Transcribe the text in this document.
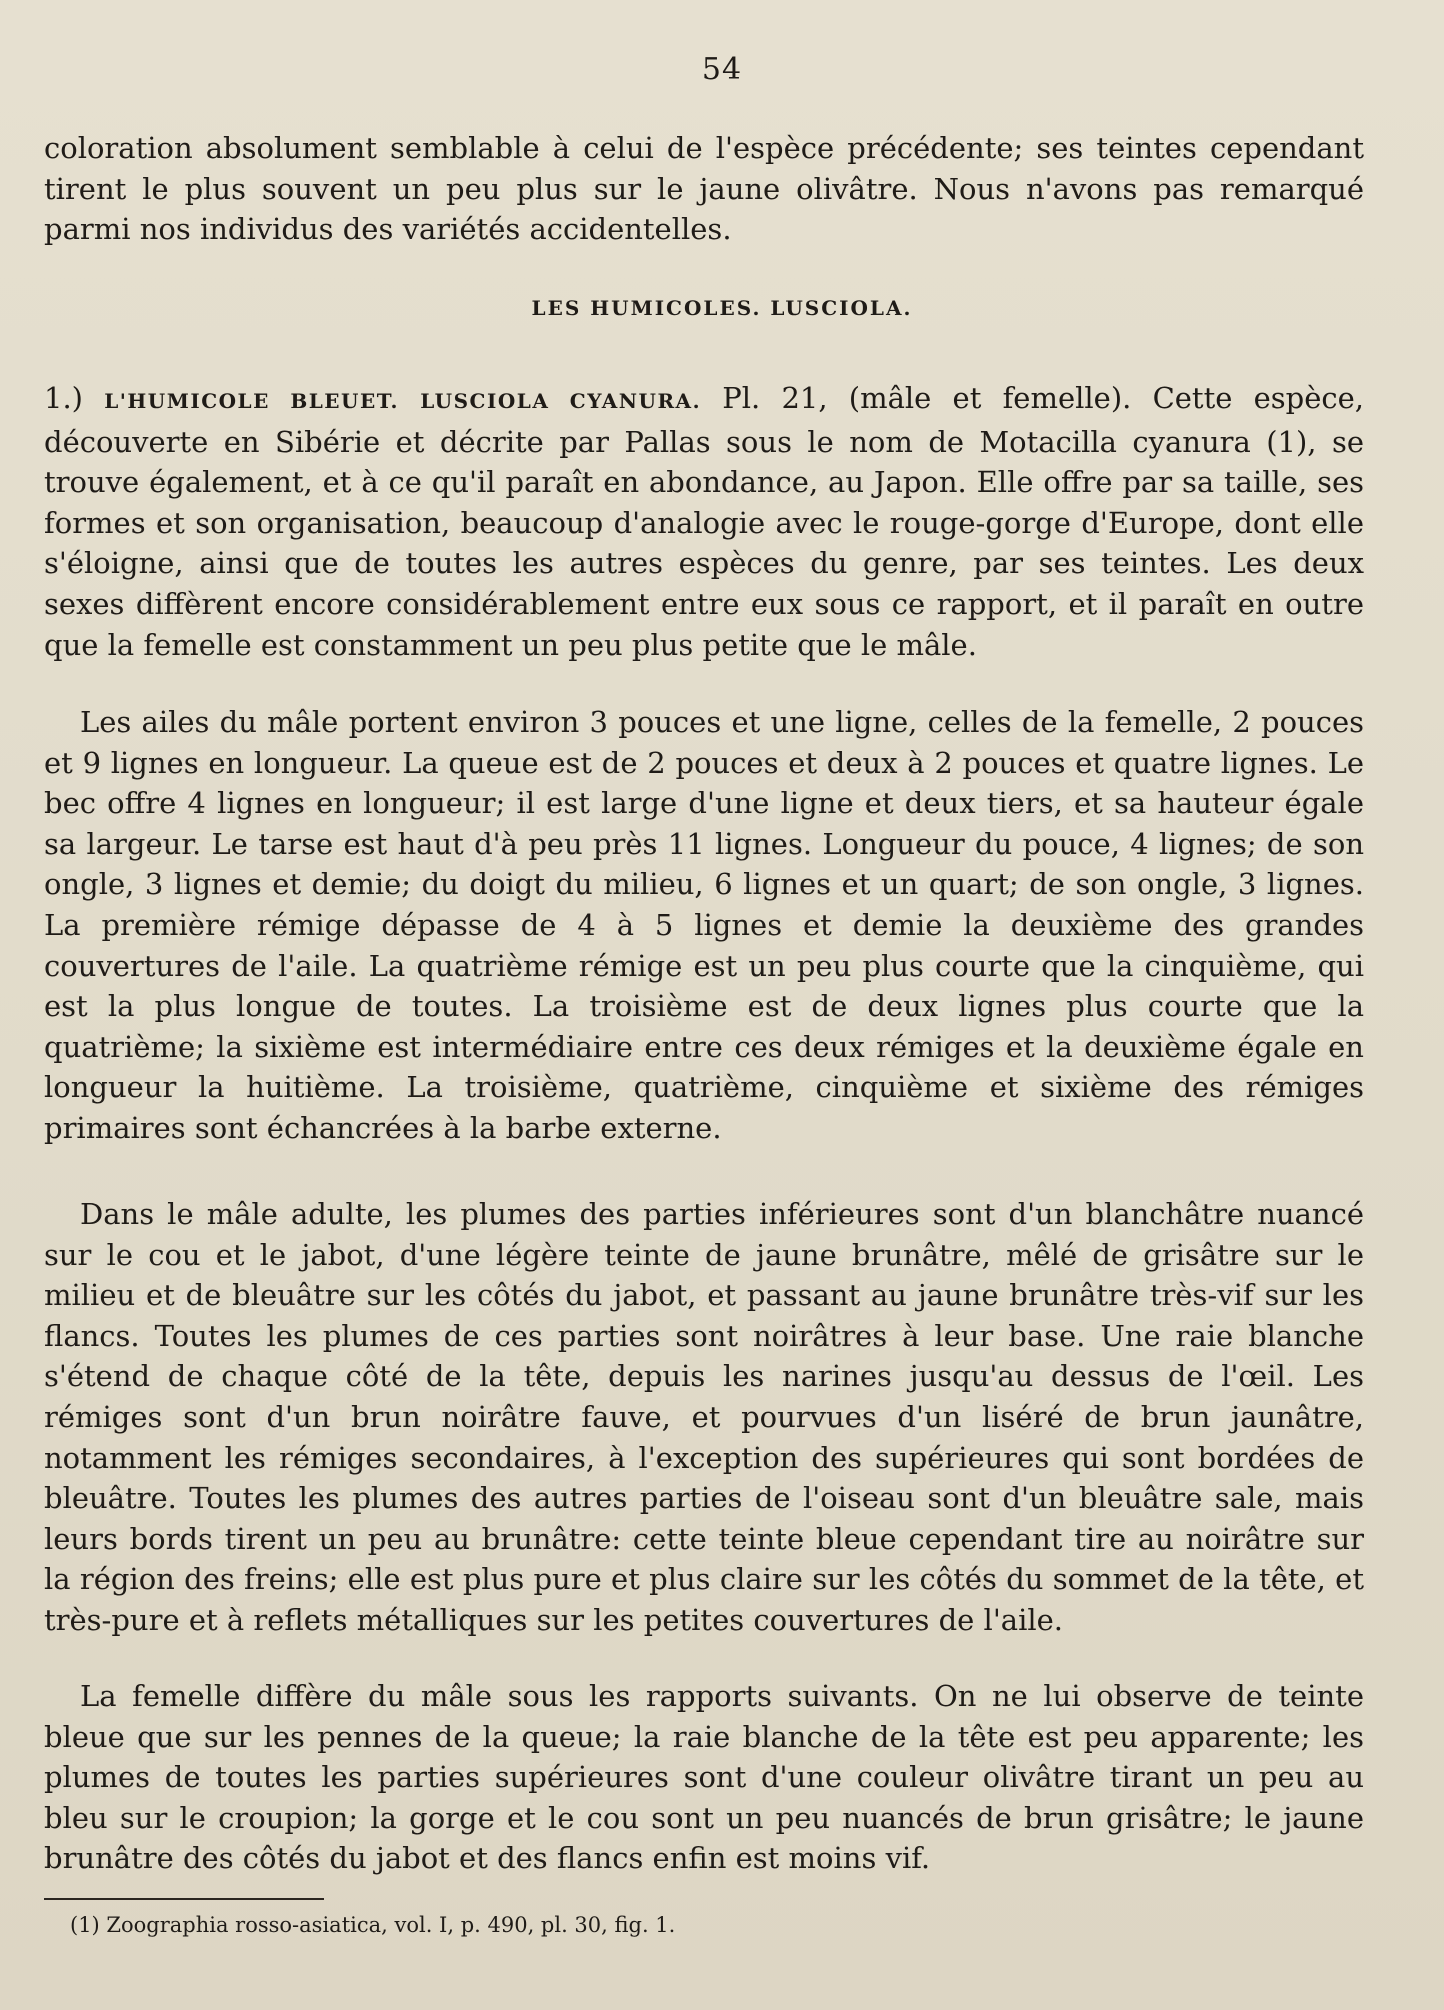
54

coloration absolument semblable à celui de l'espèce précédente; ses teintes cependant tirent le plus souvent un peu plus sur le jaune olivâtre. Nous n'avons pas remarqué parmi nos individus des variétés accidentelles.

LES HUMICOLES. LUSCIOLA.

1.) L'HUMICOLE BLEUET. LUSCIOLA CYANURA. Pl. 21, (mâle et femelle). Cette espèce, découverte en Sibérie et décrite par Pallas sous le nom de Motacilla cyanura (1), se trouve également, et à ce qu'il paraît en abondance, au Japon. Elle offre par sa taille, ses formes et son organisation, beaucoup d'analogie avec le rouge-gorge d'Europe, dont elle s'éloigne, ainsi que de toutes les autres espèces du genre, par ses teintes. Les deux sexes diffèrent encore considérablement entre eux sous ce rapport, et il paraît en outre que la femelle est constamment un peu plus petite que le mâle.

Les ailes du mâle portent environ 3 pouces et une ligne, celles de la femelle, 2 pouces et 9 lignes en longueur. La queue est de 2 pouces et deux à 2 pouces et quatre lignes. Le bec offre 4 lignes en longueur; il est large d'une ligne et deux tiers, et sa hauteur égale sa largeur. Le tarse est haut d'à peu près 11 lignes. Longueur du pouce, 4 lignes; de son ongle, 3 lignes et demie; du doigt du milieu, 6 lignes et un quart; de son ongle, 3 lignes. La première rémige dépasse de 4 à 5 lignes et demie la deuxième des grandes couvertures de l'aile. La quatrième rémige est un peu plus courte que la cinquième, qui est la plus longue de toutes. La troisième est de deux lignes plus courte que la quatrième; la sixième est intermédiaire entre ces deux rémiges et la deuxième égale en longueur la huitième. La troisième, quatrième, cinquième et sixième des rémiges primaires sont échancrées à la barbe externe.

Dans le mâle adulte, les plumes des parties inférieures sont d'un blanchâtre nuancé sur le cou et le jabot, d'une légère teinte de jaune brunâtre, mêlé de grisâtre sur le milieu et de bleuâtre sur les côtés du jabot, et passant au jaune brunâtre très-vif sur les flancs. Toutes les plumes de ces parties sont noirâtres à leur base. Une raie blanche s'étend de chaque côté de la tête, depuis les narines jusqu'au dessus de l'œil. Les rémiges sont d'un brun noirâtre fauve, et pourvues d'un liséré de brun jaunâtre, notamment les rémiges secondaires, à l'exception des supérieures qui sont bordées de bleuâtre. Toutes les plumes des autres parties de l'oiseau sont d'un bleuâtre sale, mais leurs bords tirent un peu au brunâtre: cette teinte bleue cependant tire au noirâtre sur la région des freins; elle est plus pure et plus claire sur les côtés du sommet de la tête, et très-pure et à reflets métalliques sur les petites couvertures de l'aile.

La femelle diffère du mâle sous les rapports suivants. On ne lui observe de teinte bleue que sur les pennes de la queue; la raie blanche de la tête est peu apparente; les plumes de toutes les parties supérieures sont d'une couleur olivâtre tirant un peu au bleu sur le croupion; la gorge et le cou sont un peu nuancés de brun grisâtre; le jaune brunâtre des côtés du jabot et des flancs enfin est moins vif.

(1) Zoographia rosso-asiatica, vol. I, p. 490, pl. 30, fig. 1.
